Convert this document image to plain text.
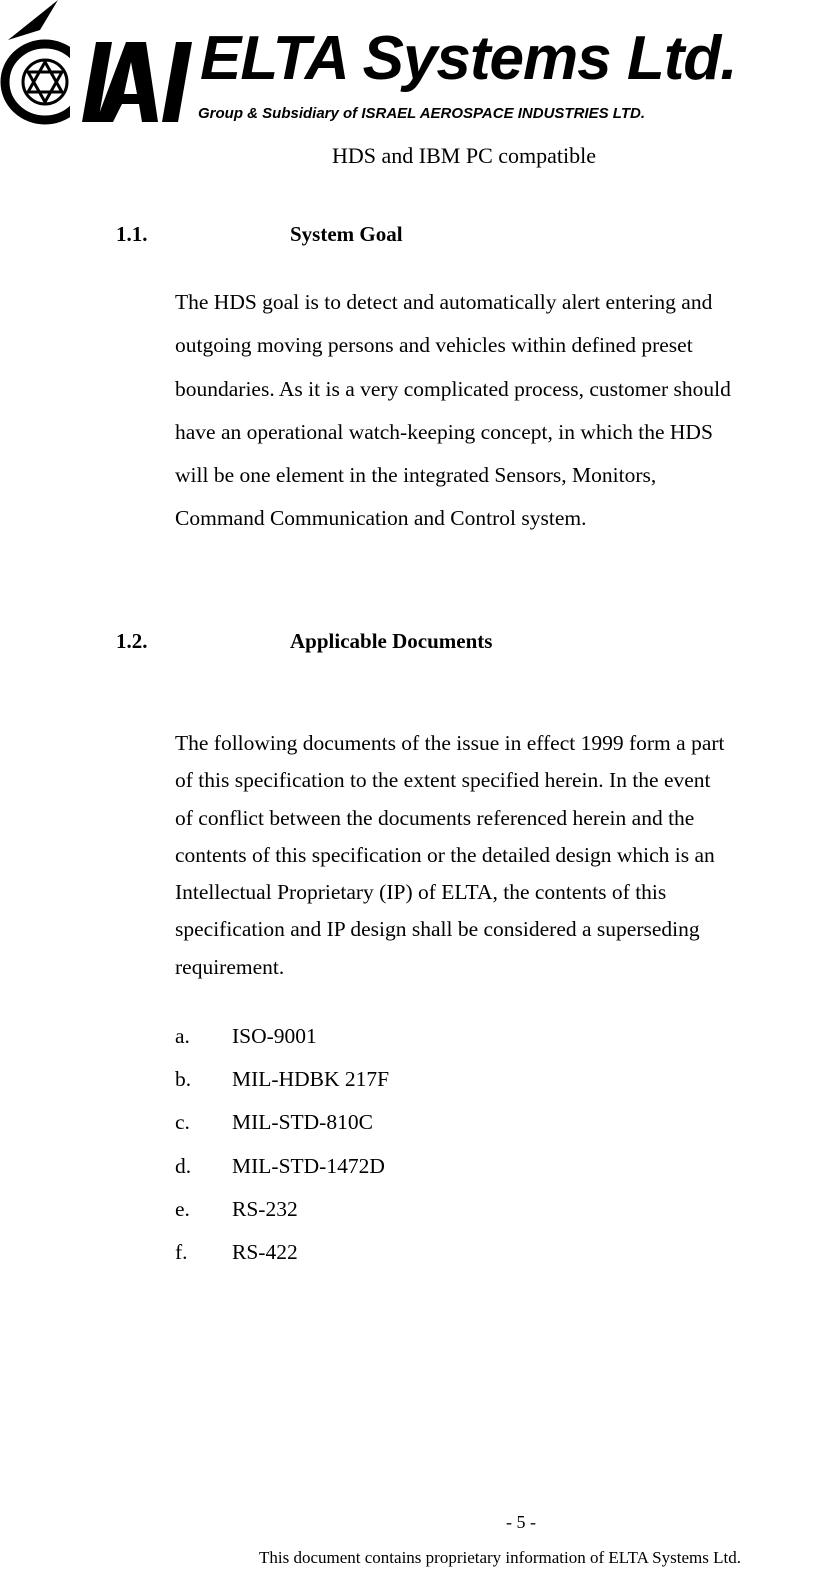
ELTA Systems Ltd.
Group & Subsidiary of ISRAEL AEROSPACE INDUSTRIES LTD.
HDS and IBM PC compatible
1.1.	System Goal

The HDS goal is to detect and automatically alert entering and
outgoing moving persons and vehicles within defined preset
boundaries. As it is a very complicated process, customer should
have an operational watch-keeping concept, in which the HDS
will be one element in the integrated Sensors, Monitors,
Command Communication and Control system.

1.2.	Applicable Documents

The following documents of the issue in effect 1999 form a part
of this specification to the extent specified herein. In the event
of conflict between the documents referenced herein and the
contents of this specification or the detailed design which is an
Intellectual Proprietary (IP) of ELTA, the contents of this
specification and IP design shall be considered a superseding
requirement.

a. ISO-9001
b. MIL-HDBK 217F
c. MIL-STD-810C
d. MIL-STD-1472D
e. RS-232
f. RS-422
- 5 -
This document contains proprietary information of ELTA Systems Ltd.
